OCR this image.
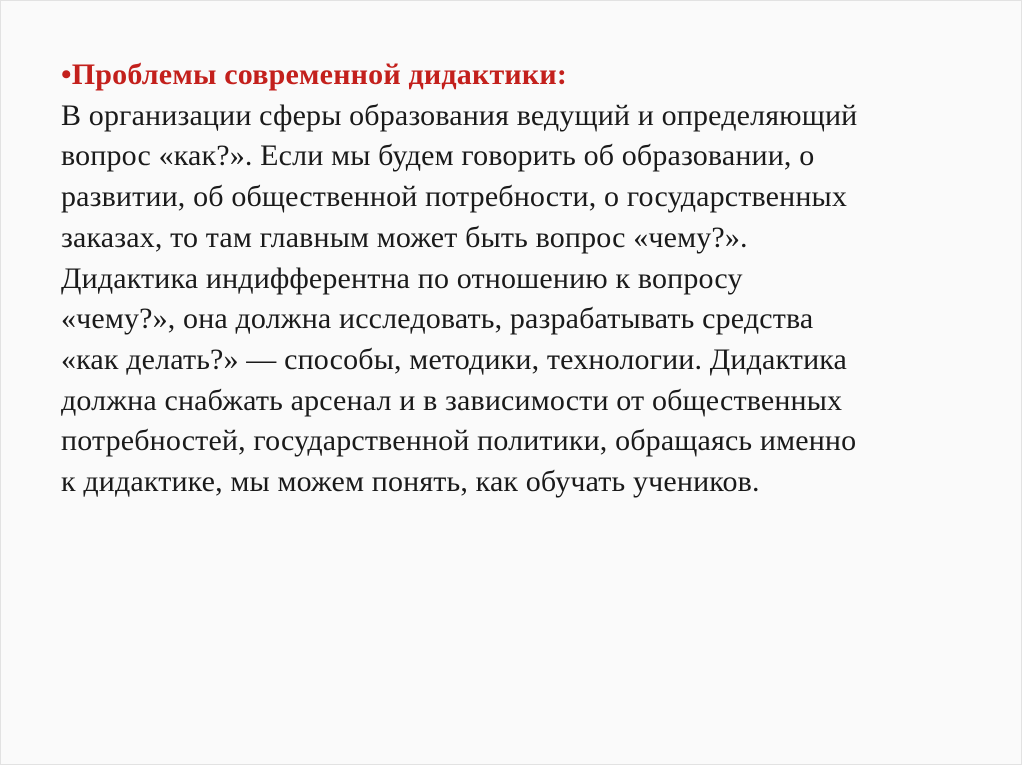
•Проблемы современной дидактики:
В организации сферы образования ведущий и определяющий
вопрос «как?». Если мы будем говорить об образовании, о
развитии, об общественной потребности, о государственных
заказах, то там главным может быть вопрос «чему?».
Дидактика индифферентна по отношению к вопросу
«чему?», она должна исследовать, разрабатывать средства
«как делать?» — способы, методики, технологии. Дидактика
должна снабжать арсенал и в зависимости от общественных
потребностей, государственной политики, обращаясь именно
к дидактике, мы можем понять, как обучать учеников.
